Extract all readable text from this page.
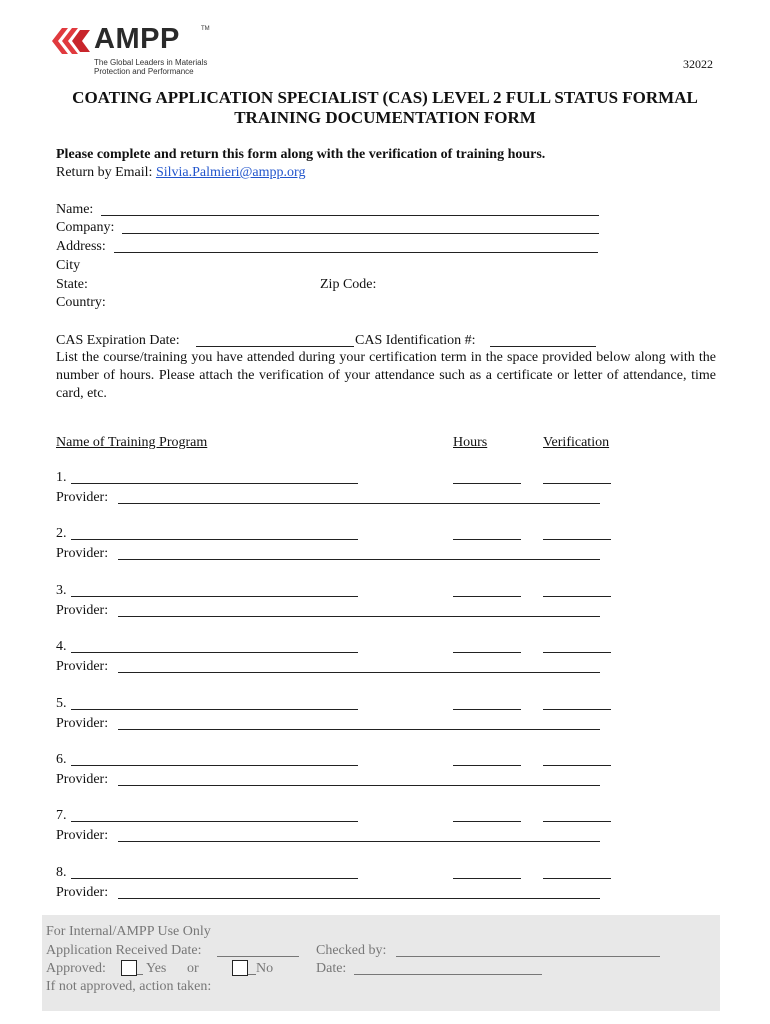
AMPP	TM
The Global Leaders in Materials Protection and Performance
32022
COATING APPLICATION SPECIALIST (CAS) LEVEL 2 FULL STATUS FORMAL
TRAINING DOCUMENTATION FORM
Please complete and return this form along with the verification of training hours.
Return by Email: Silvia.Palmieri@ampp.org
Name:
Company:
Address:
City
State:	Zip Code:
Country:
CAS Expiration Date:	CAS Identification #:
List the course/training you have attended during your certification term in the space provided below along with the number of hours. Please attach the verification of your attendance such as a certificate or letter of attendance, time card, etc.
Name of Training Program	Hours	Verification
1.
Provider:
2.
Provider:
3.
Provider:
4.
Provider:
5.
Provider:
6.
Provider:
7.
Provider:
8.
Provider:
For Internal/AMPP Use Only
Application Received Date:
Approved:	Yes or	No
If not approved, action taken:
Checked by:
Date:
